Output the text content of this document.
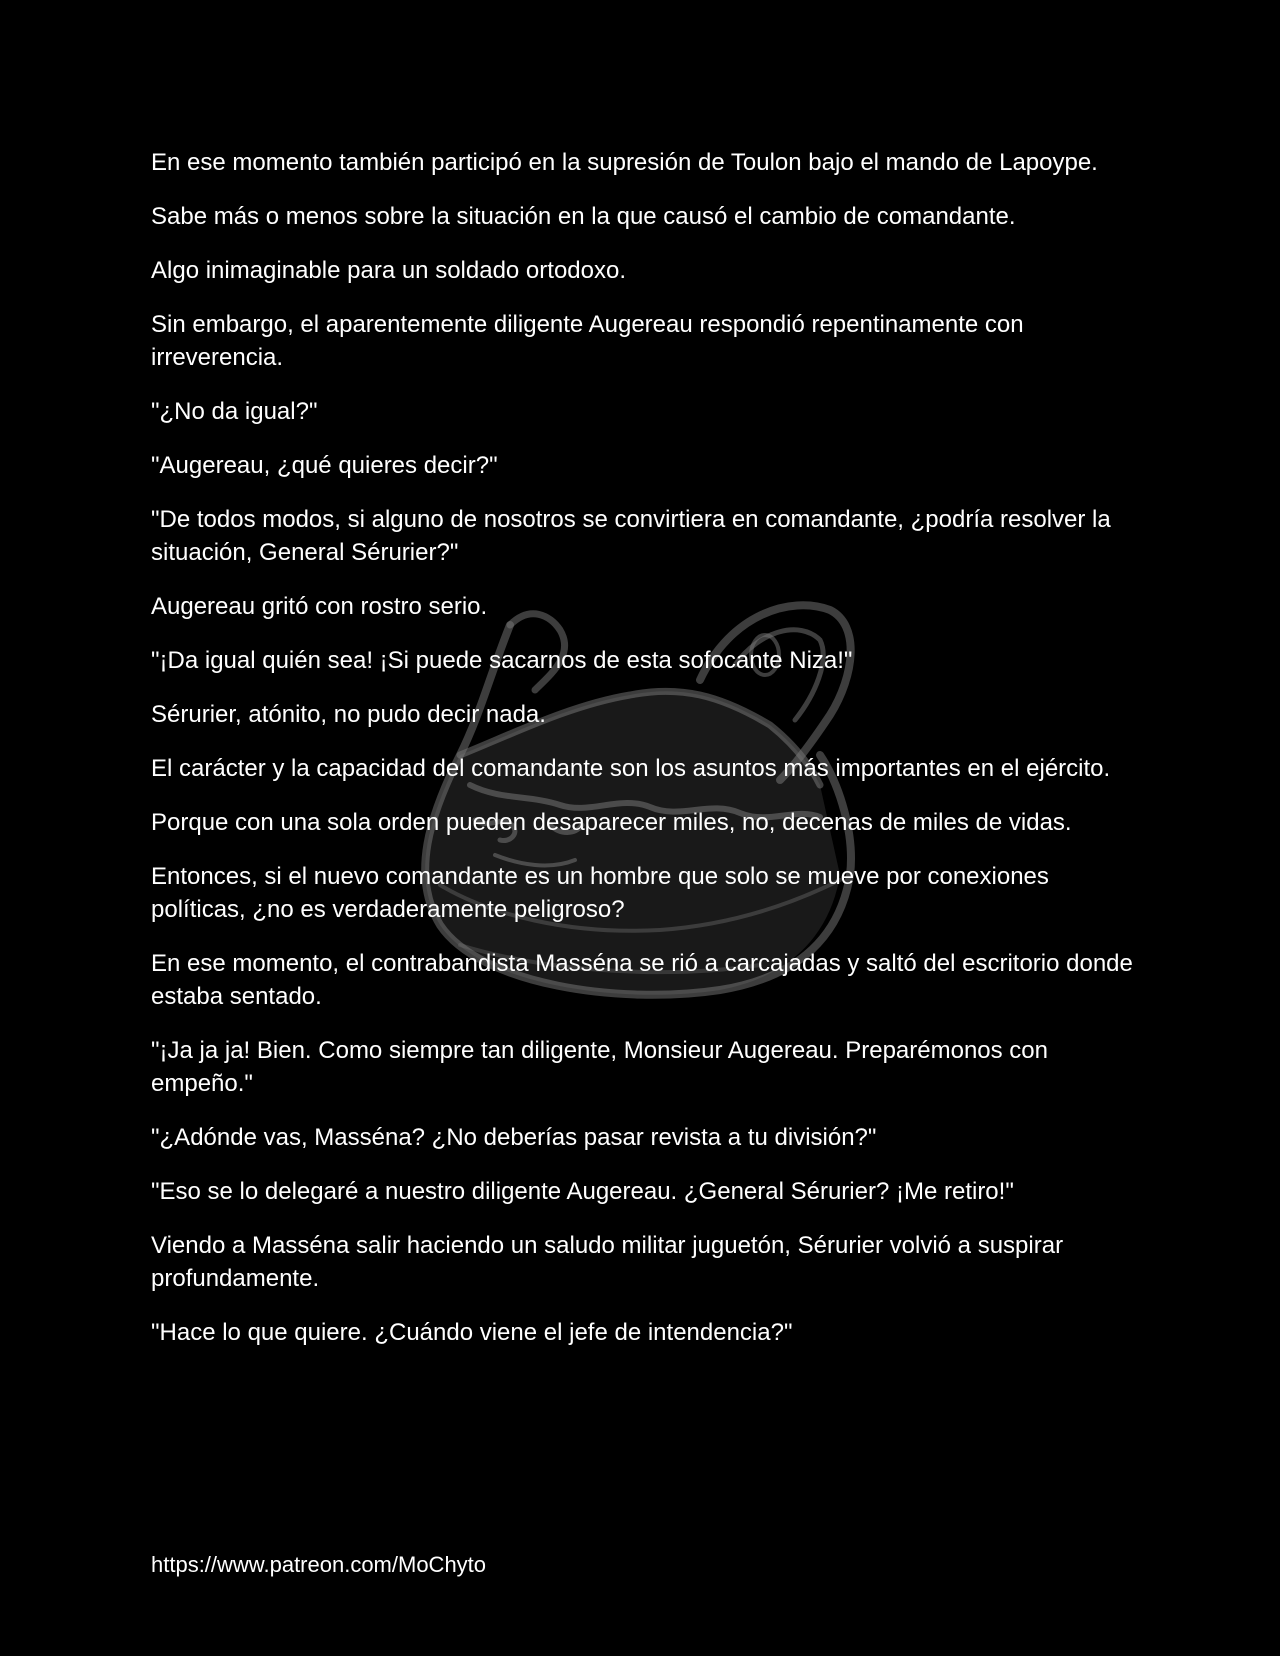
En ese momento también participó en la supresión de Toulon bajo el mando de Lapoype.

Sabe más o menos sobre la situación en la que causó el cambio de comandante.

Algo inimaginable para un soldado ortodoxo.

Sin embargo, el aparentemente diligente Augereau respondió repentinamente con irreverencia.

"¿No da igual?"

"Augereau, ¿qué quieres decir?"

"De todos modos, si alguno de nosotros se convirtiera en comandante, ¿podría resolver la situación, General Sérurier?"

Augereau gritó con rostro serio.

"¡Da igual quién sea! ¡Si puede sacarnos de esta sofocante Niza!"

Sérurier, atónito, no pudo decir nada.

El carácter y la capacidad del comandante son los asuntos más importantes en el ejército.

Porque con una sola orden pueden desaparecer miles, no, decenas de miles de vidas.

Entonces, si el nuevo comandante es un hombre que solo se mueve por conexiones políticas, ¿no es verdaderamente peligroso?

En ese momento, el contrabandista Masséna se rió a carcajadas y saltó del escritorio donde estaba sentado.

"¡Ja ja ja! Bien. Como siempre tan diligente, Monsieur Augereau. Preparémonos con empeño."

"¿Adónde vas, Masséna? ¿No deberías pasar revista a tu división?"

"Eso se lo delegaré a nuestro diligente Augereau. ¿General Sérurier? ¡Me retiro!"

Viendo a Masséna salir haciendo un saludo militar juguetón, Sérurier volvió a suspirar profundamente.

"Hace lo que quiere. ¿Cuándo viene el jefe de intendencia?"

https://www.patreon.com/MoChyto
